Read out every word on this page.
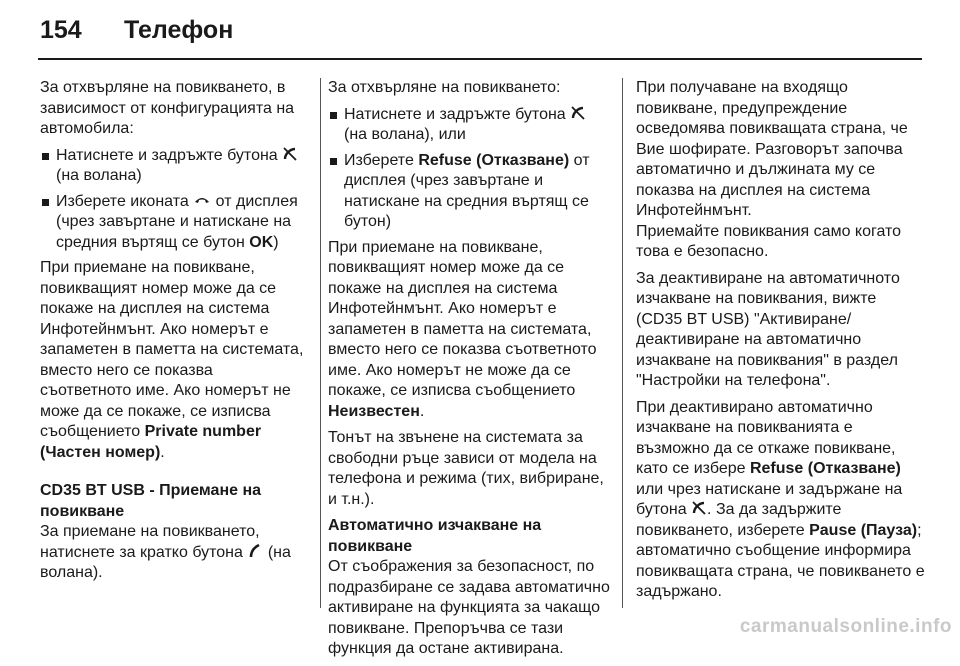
154	Телефон

За отхвърляне на повикването, в зависимост от конфигурацията на автомобила:

Натиснете и задръжте бутона  (на волана)
Изберете иконата от дисплея (чрез завъртане и натискане на средния въртящ се бутон OK)

При приемане на повикване, повикващият номер може да се покаже на дисплея на система Инфотейнмънт. Ако номерът е запаметен в паметта на системата, вместо него се показва съответното име. Ако номерът не може да се покаже, се изписва съобщението Private number (Частен номер).

CD35 BT USB - Приемане на повикване

За приемане на повикването, натиснете за кратко бутона (на волана).

За отхвърляне на повикването:

Натиснете и задръжте бутона  (на волана), или
Изберете Refuse (Отказване) от дисплея (чрез завъртане и натискане на средния въртящ се бутон)

При приемане на повикване, повикващият номер може да се покаже на дисплея на система Инфотейнмънт. Ако номерът е запаметен в паметта на системата, вместо него се показва съответното име. Ако номерът не може да се покаже, се изписва съобщението Неизвестен.

Тонът на звънене на системата за свободни ръце зависи от модела на телефона и режима (тих, вибриране, и т.н.).

Автоматично изчакване на повикване

От съображения за безопасност, по подразбиране се задава автоматично активиране на функцията за чакащо повикване. Препоръчва се тази функция да остане активирана.

При получаване на входящо повикване, предупреждение осведомява повикващата страна, че Вие шофирате. Разговорът започва автоматично и дължината му се показва на дисплея на система Инфотейнмънт.

Приемайте повиквания само когато това е безопасно.

За деактивиране на автоматичното изчакване на повиквания, вижте (CD35 BT USB) "Активиране/ деактивиране на автоматично изчакване на повиквания" в раздел "Настройки на телефона".

При деактивирано автоматично изчакване на повикванията е възможно да се откаже повикване, като се избере Refuse (Отказване) или чрез натискане и задържане на бутона . За да задържите повикването, изберете Pause (Пауза); автоматично съобщение информира повикващата страна, че повикването е задържано.

carmanualsonline.info
